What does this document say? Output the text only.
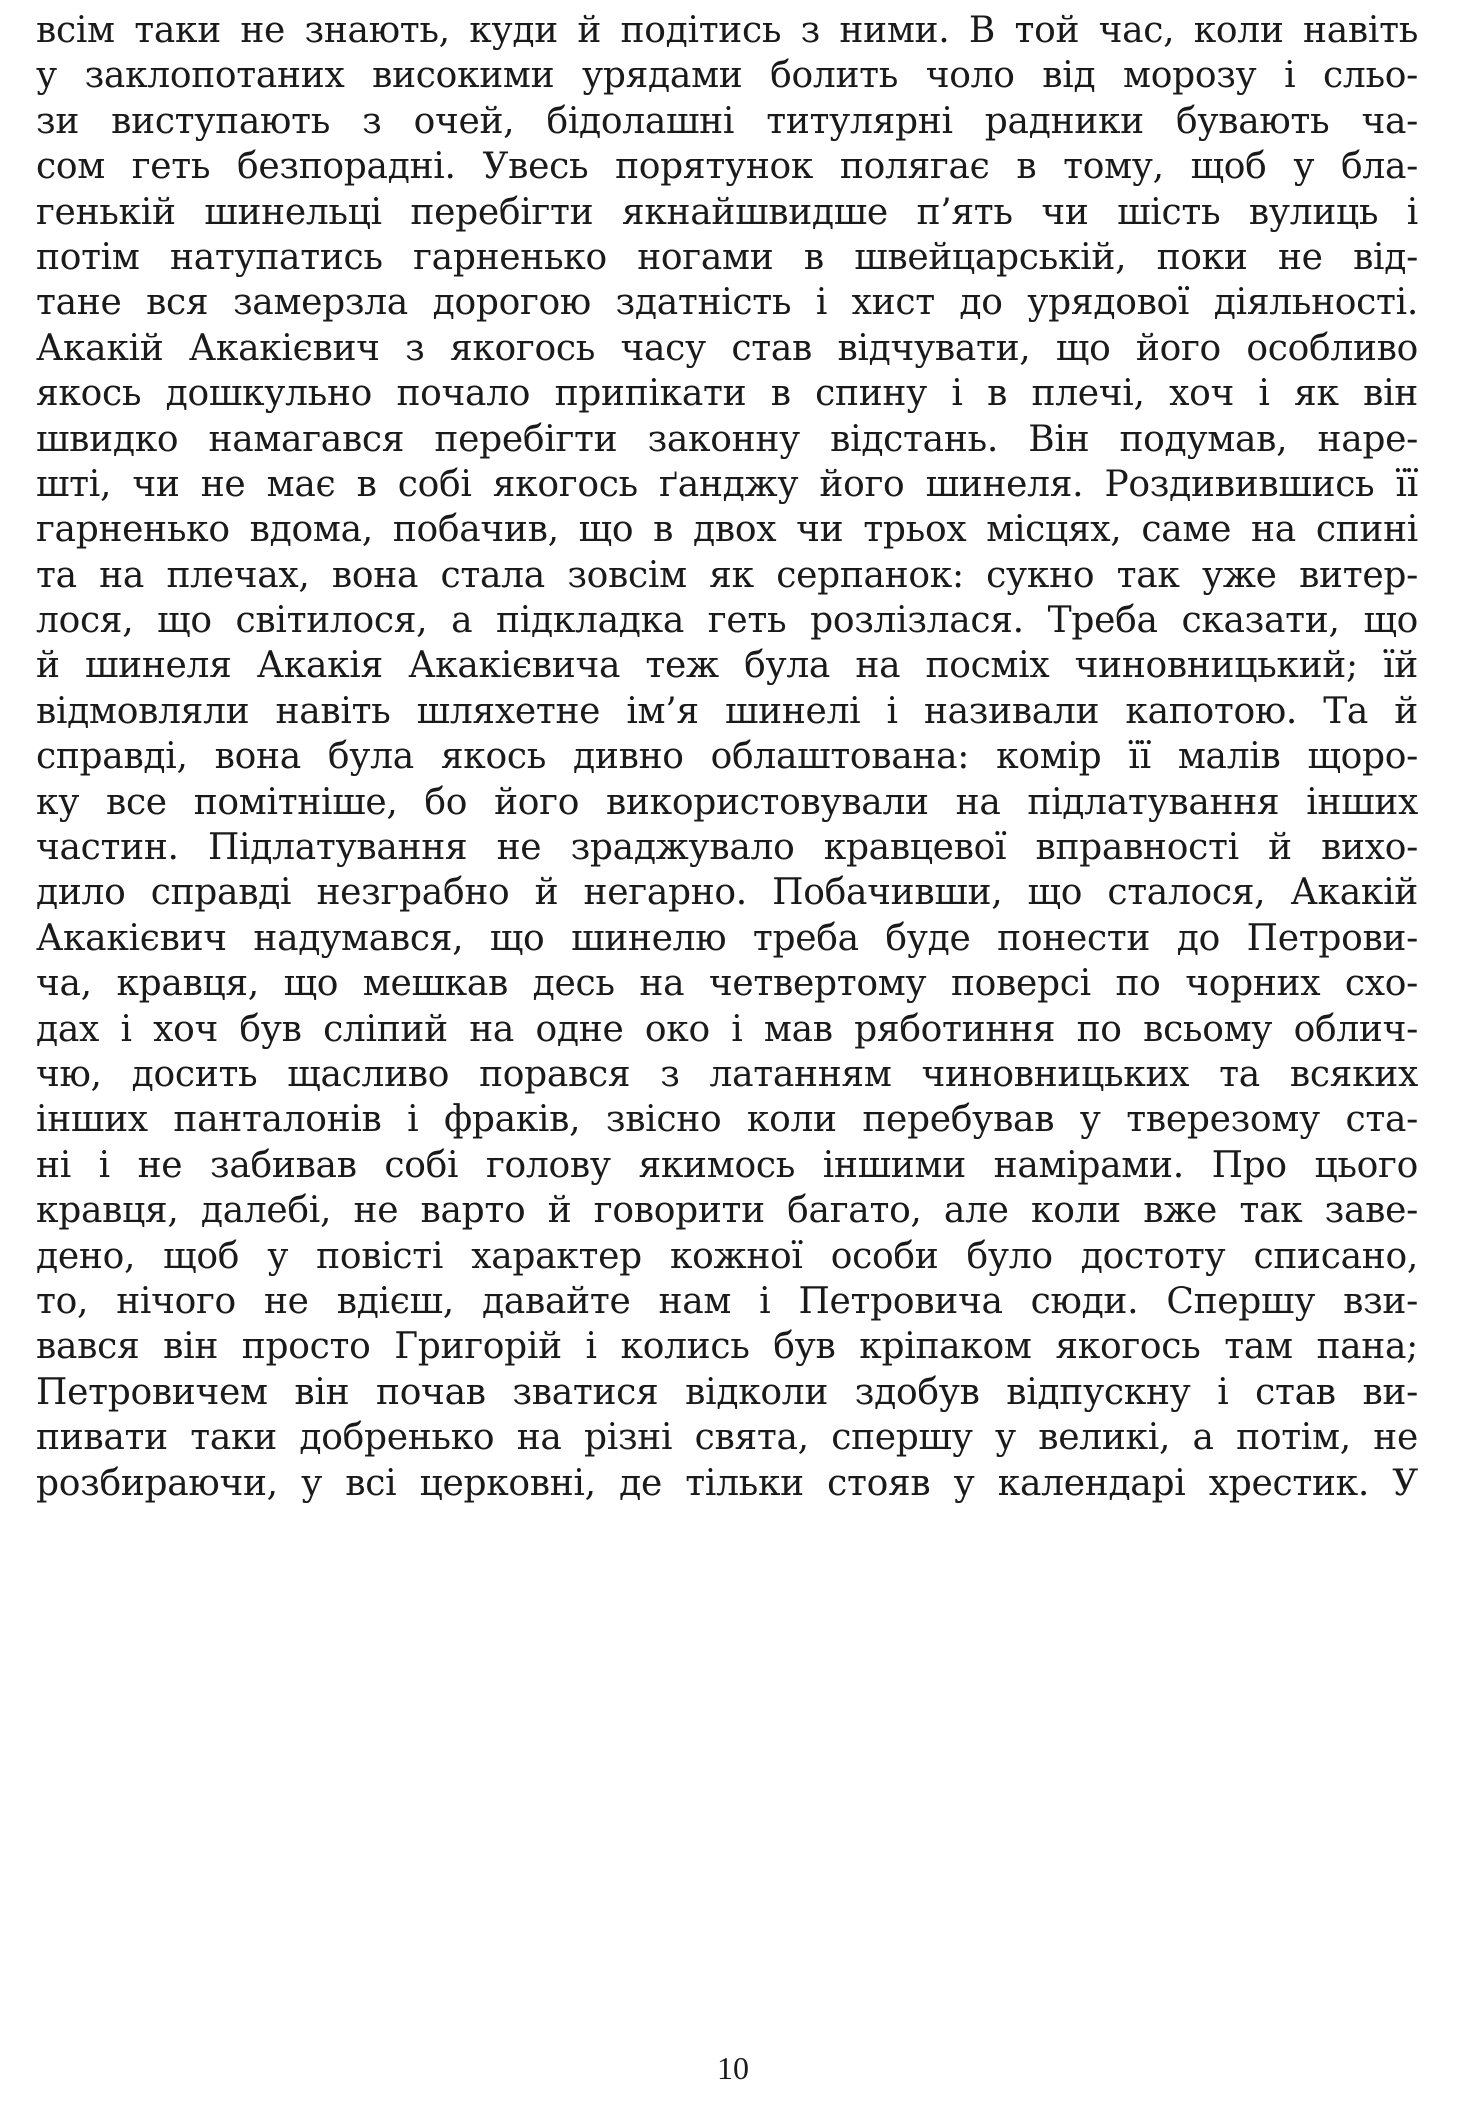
всім таки не знають, куди й подітись з ними. В той час, коли навіть
у заклопотаних високими урядами болить чоло від морозу і сльо-
зи виступають з очей, бідолашні титулярні радники бувають ча-
сом геть безпорадні. Увесь порятунок полягає в тому, щоб у бла-
генькій шинельці перебігти якнайшвидше п’ять чи шість вулиць і
потім натупатись гарненько ногами в швейцарській, поки не від-
тане вся замерзла дорогою здатність і хист до урядової діяльності.
Акакій Акакієвич з якогось часу став відчувати, що його особливо
якось дошкульно почало припікати в спину і в плечі, хоч і як він
швидко намагався перебігти законну відстань. Він подумав, наре-
шті, чи не має в собі якогось ґанджу його шинеля. Роздивившись її
гарненько вдома, побачив, що в двох чи трьох місцях, саме на спині
та на плечах, вона стала зовсім як серпанок: сукно так уже витер-
лося, що світилося, а підкладка геть розлізлася. Треба сказати, що
й шинеля Акакія Акакієвича теж була на посміх чиновницький; їй
відмовляли навіть шляхетне ім’я шинелі і називали капотою. Та й
справді, вона була якось дивно облаштована: комір її малів щоро-
ку все помітніше, бо його використовували на підлатування інших
частин. Підлатування не зраджувало кравцевої вправності й вихо-
дило справді незграбно й негарно. Побачивши, що сталося, Акакій
Акакієвич надумався, що шинелю треба буде понести до Петрови-
ча, кравця, що мешкав десь на четвертому поверсі по чорних схо-
дах і хоч був сліпий на одне око і мав ряботиння по всьому облич-
чю, досить щасливо порався з латанням чиновницьких та всяких
інших панталонів і фраків, звісно коли перебував у тверезому ста-
ні і не забивав собі голову якимось іншими намірами. Про цього
кравця, далебі, не варто й говорити багато, але коли вже так заве-
дено, щоб у повісті характер кожної особи було достоту списано,
то, нічого не вдієш, давайте нам і Петровича сюди. Спершу взи-
вався він просто Григорій і колись був кріпаком якогось там пана;
Петровичем він почав зватися відколи здобув відпускну і став ви-
пивати таки добренько на різні свята, спершу у великі, а потім, не
розбираючи, у всі церковні, де тільки стояв у календарі хрестик. У
10
